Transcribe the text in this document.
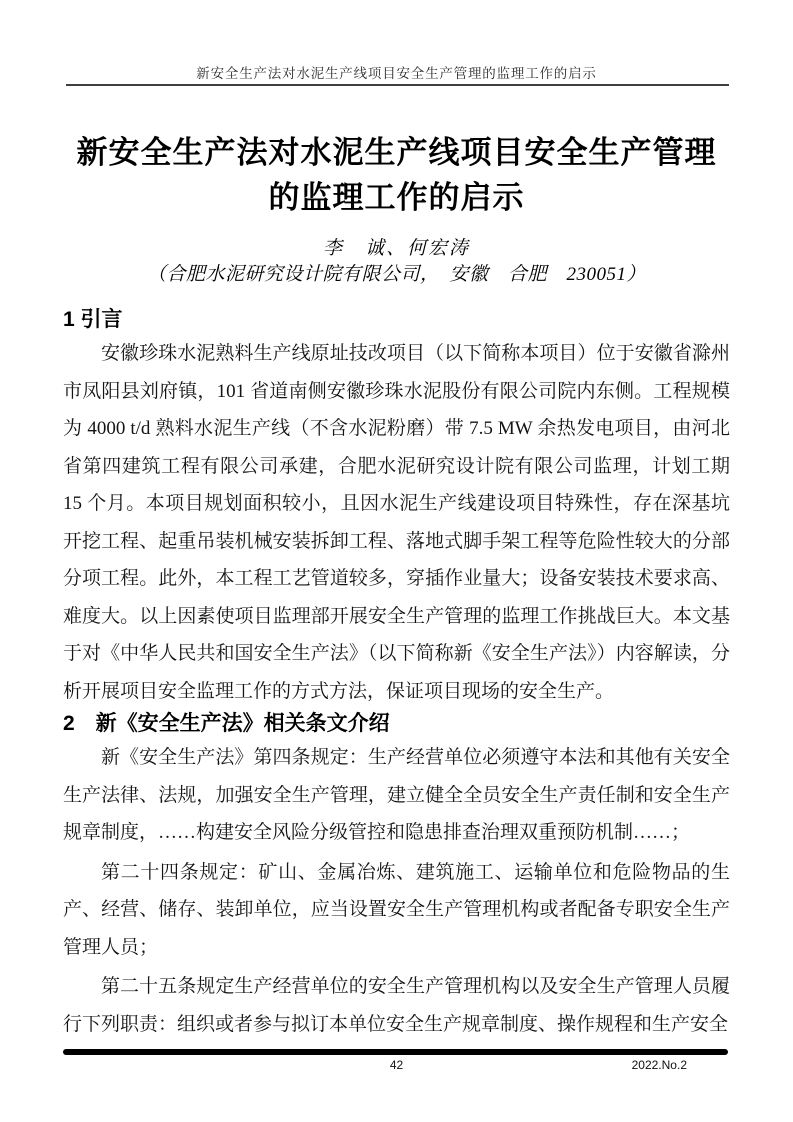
新安全生产法对水泥生产线项目安全生产管理的监理工作的启示
新安全生产法对水泥生产线项目安全生产管理
的监理工作的启示
李　诚、何宏涛
（合肥水泥研究设计院有限公司，　安徽　合肥　230051）
1 引言

安徽珍珠水泥熟料生产线原址技改项目（以下简称本项目）位于安徽省滁州市凤阳县刘府镇，101 省道南侧安徽珍珠水泥股份有限公司院内东侧。工程规模为 4000 t/d 熟料水泥生产线（不含水泥粉磨）带 7.5 MW 余热发电项目，由河北省第四建筑工程有限公司承建，合肥水泥研究设计院有限公司监理，计划工期 15 个月。本项目规划面积较小，且因水泥生产线建设项目特殊性，存在深基坑开挖工程、起重吊装机械安装拆卸工程、落地式脚手架工程等危险性较大的分部分项工程。此外，本工程工艺管道较多，穿插作业量大；设备安装技术要求高、难度大。以上因素使项目监理部开展安全生产管理的监理工作挑战巨大。本文基于对《中华人民共和国安全生产法》（以下简称新《安全生产法》）内容解读，分析开展项目安全监理工作的方式方法，保证项目现场的安全生产。

2　新《安全生产法》相关条文介绍

新《安全生产法》第四条规定：生产经营单位必须遵守本法和其他有关安全生产法律、法规，加强安全生产管理，建立健全全员安全生产责任制和安全生产规章制度，……构建安全风险分级管控和隐患排查治理双重预防机制……；

第二十四条规定：矿山、金属冶炼、建筑施工、运输单位和危险物品的生产、经营、储存、装卸单位，应当设置安全生产管理机构或者配备专职安全生产管理人员；

第二十五条规定生产经营单位的安全生产管理机构以及安全生产管理人员履行下列职责：组织或者参与拟订本单位安全生产规章制度、操作规程和生产安全

42	2022.No.2
